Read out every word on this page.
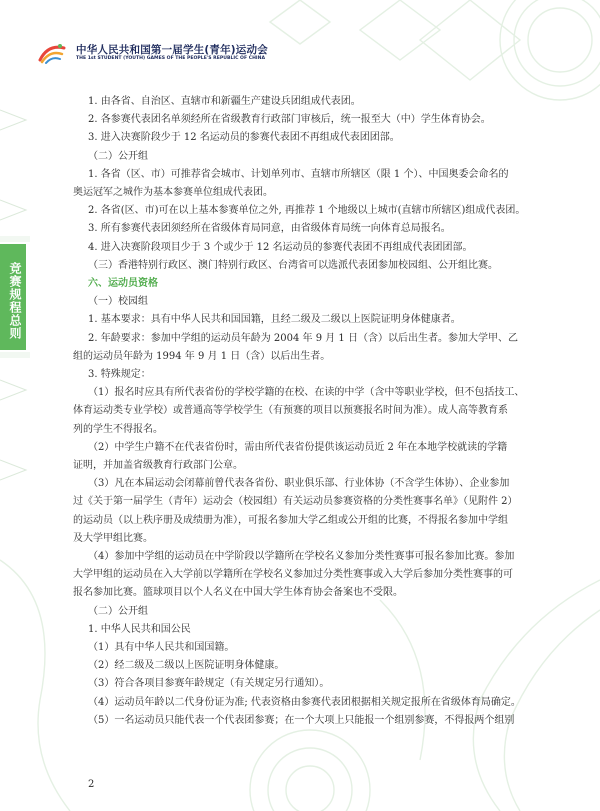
中华人民共和国第一届学生(青年)运动会
THE 1st STUDENT (YOUTH) GAMES OF THE PEOPLE'S REPUBLIC OF CHINA
竞赛规程总则
1. 由各省、自治区、直辖市和新疆生产建设兵团组成代表团。
2. 各参赛代表团名单须经所在省级教育行政部门审核后，统一报至大（中）学生体育协会。
3. 进入决赛阶段少于 12 名运动员的参赛代表团不再组成代表团团部。
（二）公开组
1. 各省（区、市）可推荐省会城市、计划单列市、直辖市所辖区（限 1 个）、中国奥委会命名的
奥运冠军之城作为基本参赛单位组成代表团。
2. 各省(区、市)可在以上基本参赛单位之外, 再推荐 1 个地级以上城市(直辖市所辖区)组成代表团。
3. 所有参赛代表团须经所在省级体育局同意，由省级体育局统一向体育总局报名。
4. 进入决赛阶段项目少于 3 个或少于 12 名运动员的参赛代表团不再组成代表团团部。
（三）香港特别行政区、澳门特别行政区、台湾省可以选派代表团参加校园组、公开组比赛。
六、运动员资格
（一）校园组
1. 基本要求：具有中华人民共和国国籍，且经二级及二级以上医院证明身体健康者。
2. 年龄要求：参加中学组的运动员年龄为 2004 年 9 月 1 日（含）以后出生者。参加大学甲、乙
组的运动员年龄为 1994 年 9 月 1 日（含）以后出生者。
3. 特殊规定：
（1）报名时应具有所代表省份的学校学籍的在校、在读的中学（含中等职业学校，但不包括技工、
体育运动类专业学校）或普通高等学校学生（有预赛的项目以预赛报名时间为准）。成人高等教育系
列的学生不得报名。
（2）中学生户籍不在代表省份时，需由所代表省份提供该运动员近 2 年在本地学校就读的学籍
证明，并加盖省级教育行政部门公章。
（3）凡在本届运动会闭幕前曾代表各省份、职业俱乐部、行业体协（不含学生体协）、企业参加
过《关于第一届学生（青年）运动会（校园组）有关运动员参赛资格的分类性赛事名单》（见附件 2）
的运动员（以上秩序册及成绩册为准），可报名参加大学乙组或公开组的比赛，不得报名参加中学组
及大学甲组比赛。
（4）参加中学组的运动员在中学阶段以学籍所在学校名义参加分类性赛事可报名参加比赛。参加
大学甲组的运动员在入大学前以学籍所在学校名义参加过分类性赛事或入大学后参加分类性赛事的可
报名参加比赛。篮球项目以个人名义在中国大学生体育协会备案也不受限。
（二）公开组
1. 中华人民共和国公民
（1）具有中华人民共和国国籍。
（2）经二级及二级以上医院证明身体健康。
（3）符合各项目参赛年龄规定（有关规定另行通知）。
（4）运动员年龄以二代身份证为准; 代表资格由参赛代表团根据相关规定报所在省级体育局确定。
（5）一名运动员只能代表一个代表团参赛；在一个大项上只能报一个组别参赛，不得报两个组别
2
